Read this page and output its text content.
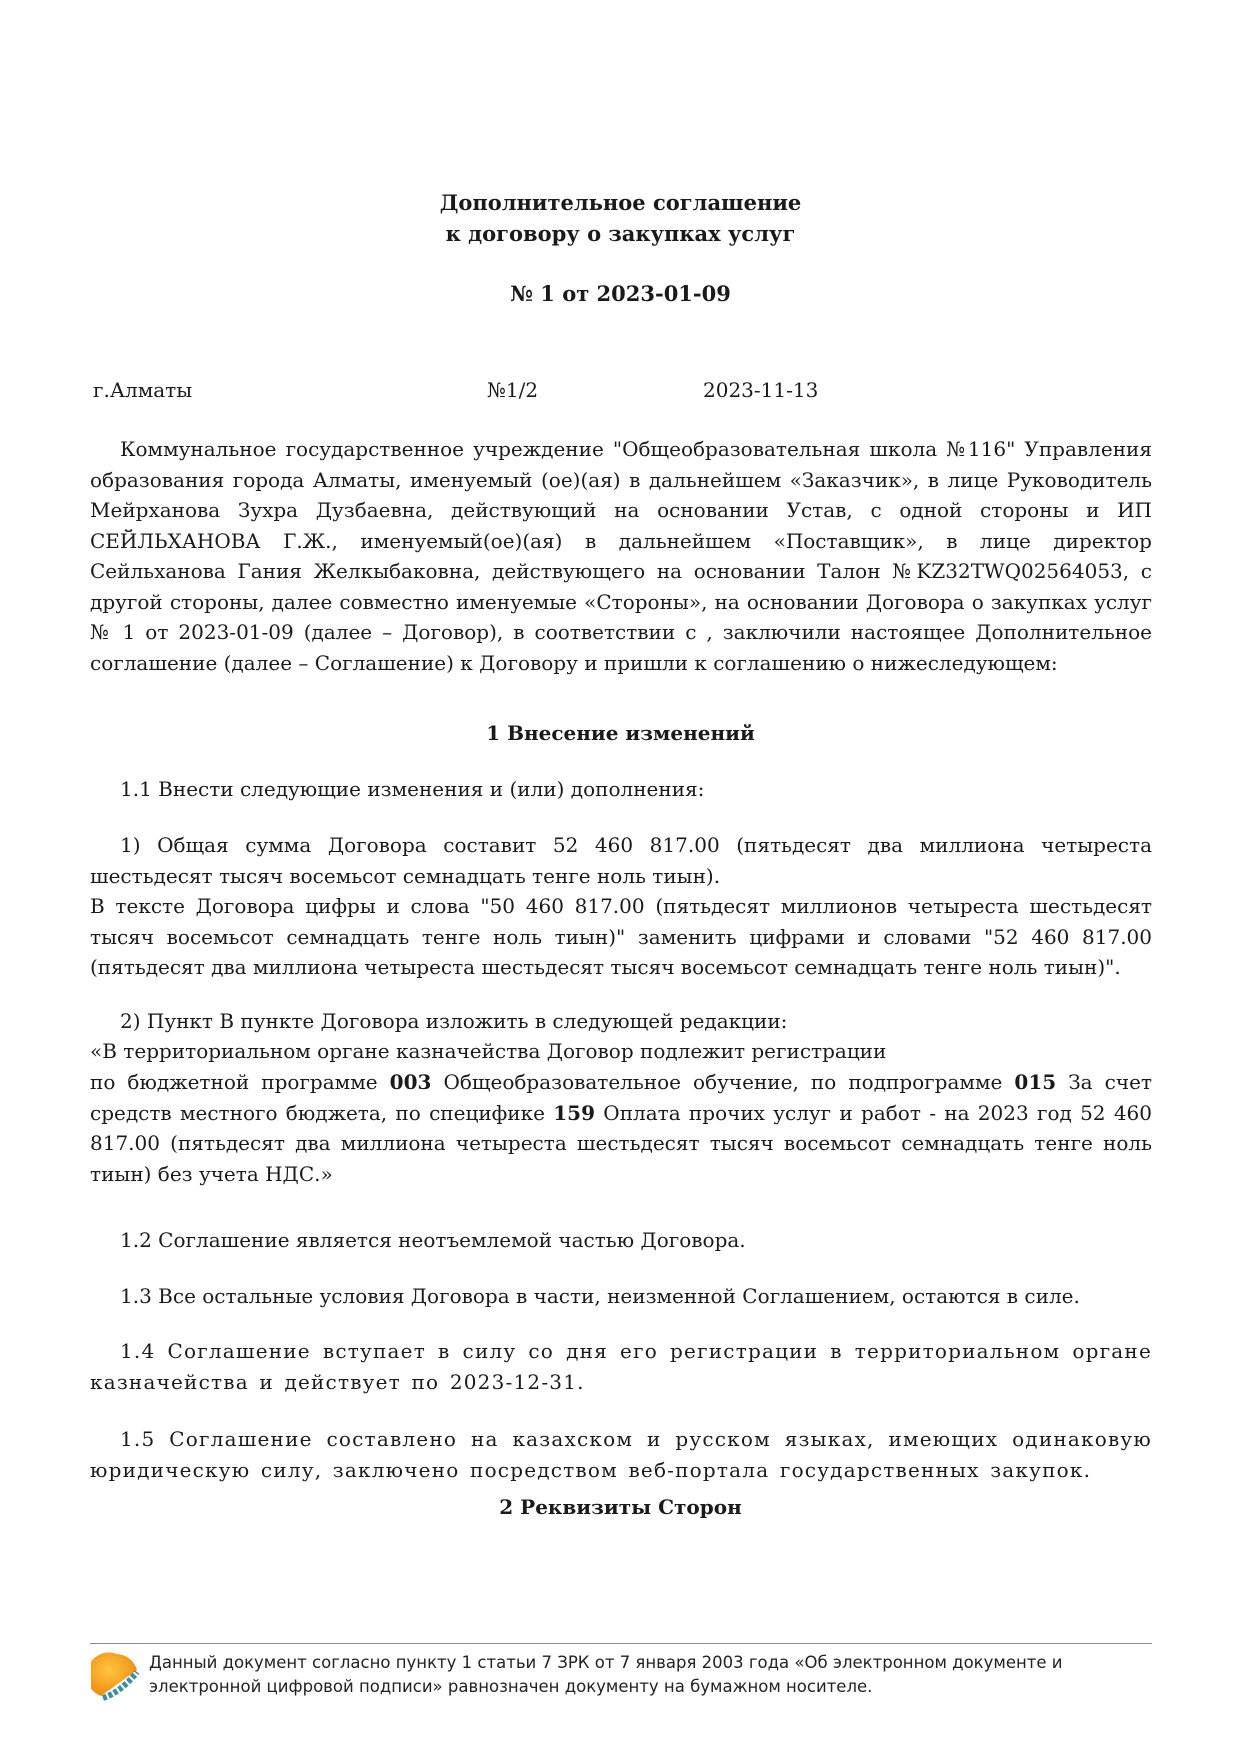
Дополнительное соглашение
к договору о закупках услуг
№ 1 от 2023-01-09
г.Алматы	№1/2	2023-11-13
Коммунальное государственное учреждение "Общеобразовательная школа №116" Управления образования города Алматы, именуемый (ое)(ая) в дальнейшем «Заказчик», в лице Руководитель Мейрханова Зухра Дузбаевна, действующий на основании Устав, с одной стороны и ИП СЕЙЛЬХАНОВА Г.Ж., именуемый(ое)(ая) в дальнейшем «Поставщик», в лице директор Сейльханова Гания Желкыбаковна, действующего на основании Талон №KZ32TWQ02564053, с другой стороны, далее совместно именуемые «Стороны», на основании Договора о закупках услуг № 1 от 2023-01-09 (далее – Договор), в соответствии с , заключили настоящее Дополнительное соглашение (далее – Соглашение) к Договору и пришли к соглашению о нижеследующем:
1 Внесение изменений
1.1 Внести следующие изменения и (или) дополнения:
1) Общая сумма Договора составит 52 460 817.00 (пятьдесят два миллиона четыреста шестьдесят тысяч восемьсот семнадцать тенге ноль тиын).
В тексте Договора цифры и слова "50 460 817.00 (пятьдесят миллионов четыреста шестьдесят тысяч восемьсот семнадцать тенге ноль тиын)" заменить цифрами и словами "52 460 817.00 (пятьдесят два миллиона четыреста шестьдесят тысяч восемьсот семнадцать тенге ноль тиын)".
2) Пункт В пункте Договора изложить в следующей редакции:
«В территориальном органе казначейства Договор подлежит регистрации
по бюджетной программе 003 Общеобразовательное обучение, по подпрограмме 015 За счет средств местного бюджета, по специфике 159 Оплата прочих услуг и работ - на 2023 год 52 460 817.00 (пятьдесят два миллиона четыреста шестьдесят тысяч восемьсот семнадцать тенге ноль тиын) без учета НДС.»
1.2 Соглашение является неотъемлемой частью Договора.
1.3 Все остальные условия Договора в части, неизменной Соглашением, остаются в силе.
1.4 Соглашение вступает в силу со дня его регистрации в территориальном органе казначейства и действует по 2023-12-31.
1.5 Соглашение составлено на казахском и русском языках, имеющих одинаковую юридическую силу, заключено посредством веб-портала государственных закупок.
2 Реквизиты Сторон
Данный документ согласно пункту 1 статьи 7 ЗРК от 7 января 2003 года «Об электронном документе и электронной цифровой подписи» равнозначен документу на бумажном носителе.
